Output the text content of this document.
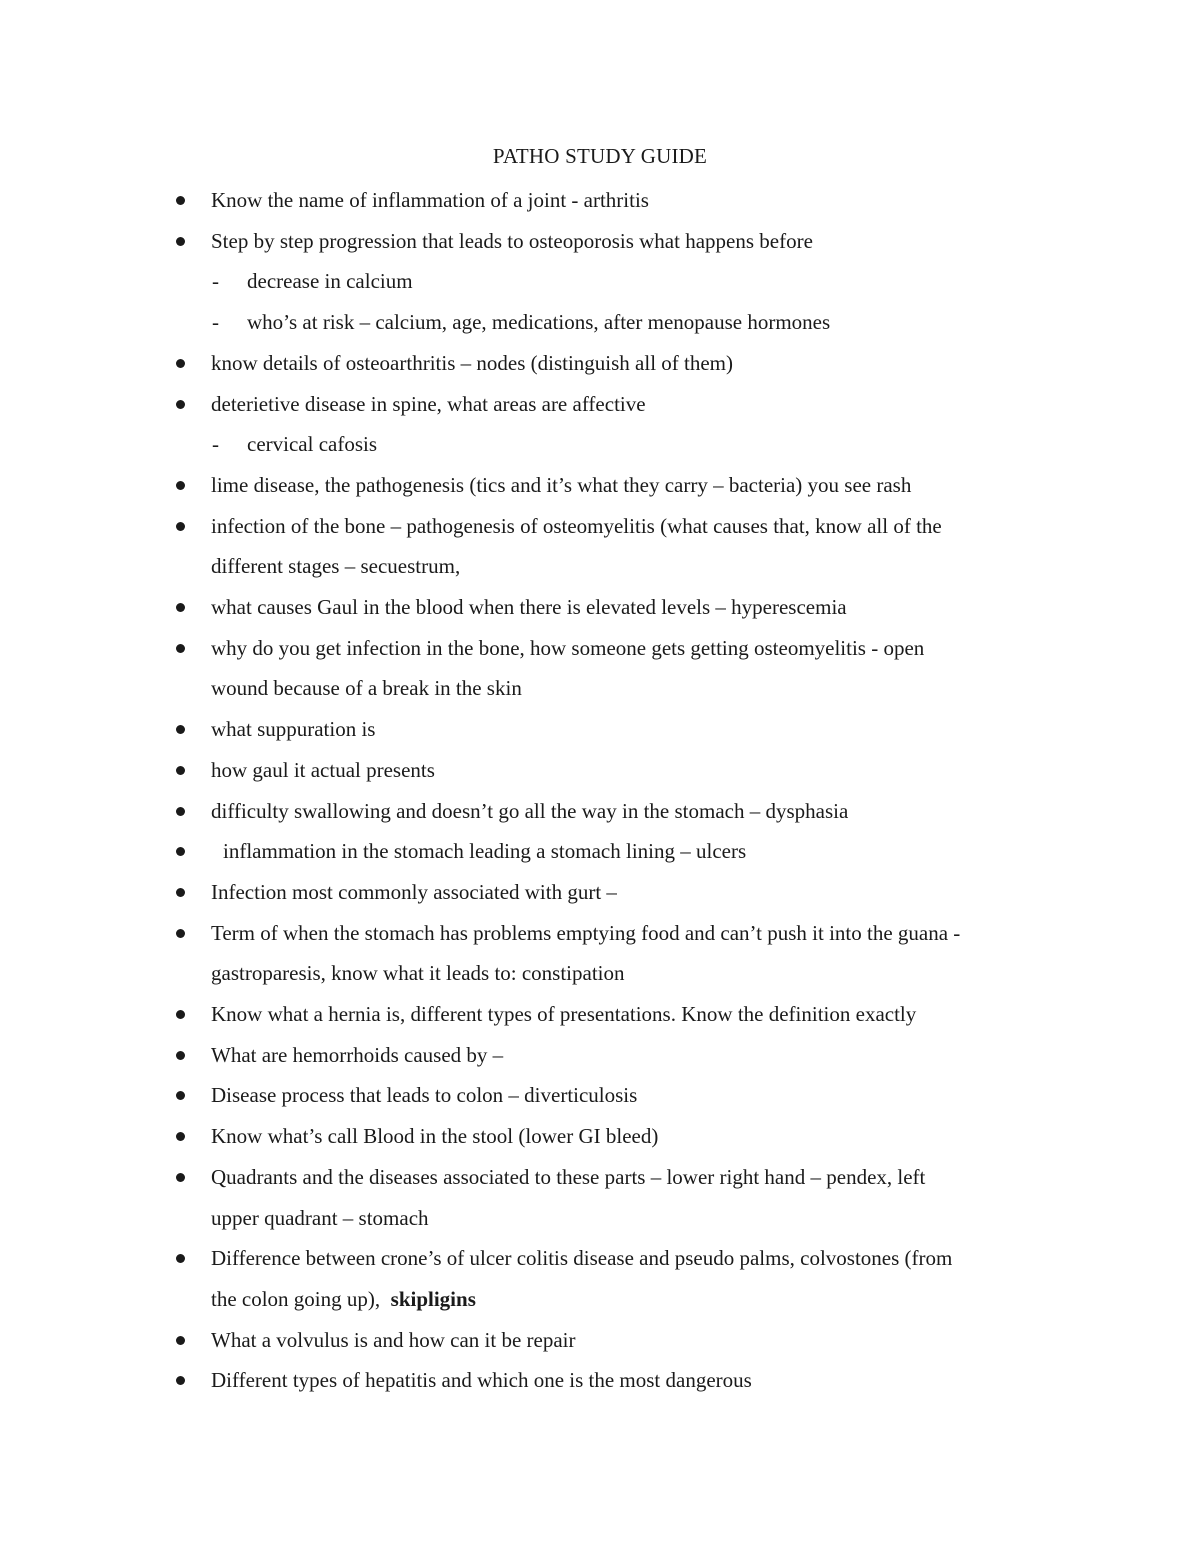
PATHO STUDY GUIDE
Know the name of inflammation of a joint - arthritis
Step by step progression that leads to osteoporosis what happens before
- decrease in calcium
- who’s at risk – calcium, age, medications, after menopause hormones
know details of osteoarthritis – nodes (distinguish all of them)
deterietive disease in spine, what areas are affective
- cervical cafosis
lime disease, the pathogenesis (tics and it’s what they carry – bacteria) you see rash
infection of the bone – pathogenesis of osteomyelitis (what causes that, know all of the
different stages – secuestrum,
what causes Gaul in the blood when there is elevated levels – hyperescemia
why do you get infection in the bone, how someone gets getting osteomyelitis - open
wound because of a break in the skin
what suppuration is
how gaul it actual presents
difficulty swallowing and doesn’t go all the way in the stomach – dysphasia
inflammation in the stomach leading a stomach lining – ulcers
Infection most commonly associated with gurt –
Term of when the stomach has problems emptying food and can’t push it into the guana -
gastroparesis, know what it leads to: constipation
Know what a hernia is, different types of presentations. Know the definition exactly
What are hemorrhoids caused by –
Disease process that leads to colon – diverticulosis
Know what’s call Blood in the stool (lower GI bleed)
Quadrants and the diseases associated to these parts – lower right hand – pendex, left
upper quadrant – stomach
Difference between crone’s of ulcer colitis disease and pseudo palms, colvostones (from
the colon going up), skipligins
What a volvulus is and how can it be repair
Different types of hepatitis and which one is the most dangerous
